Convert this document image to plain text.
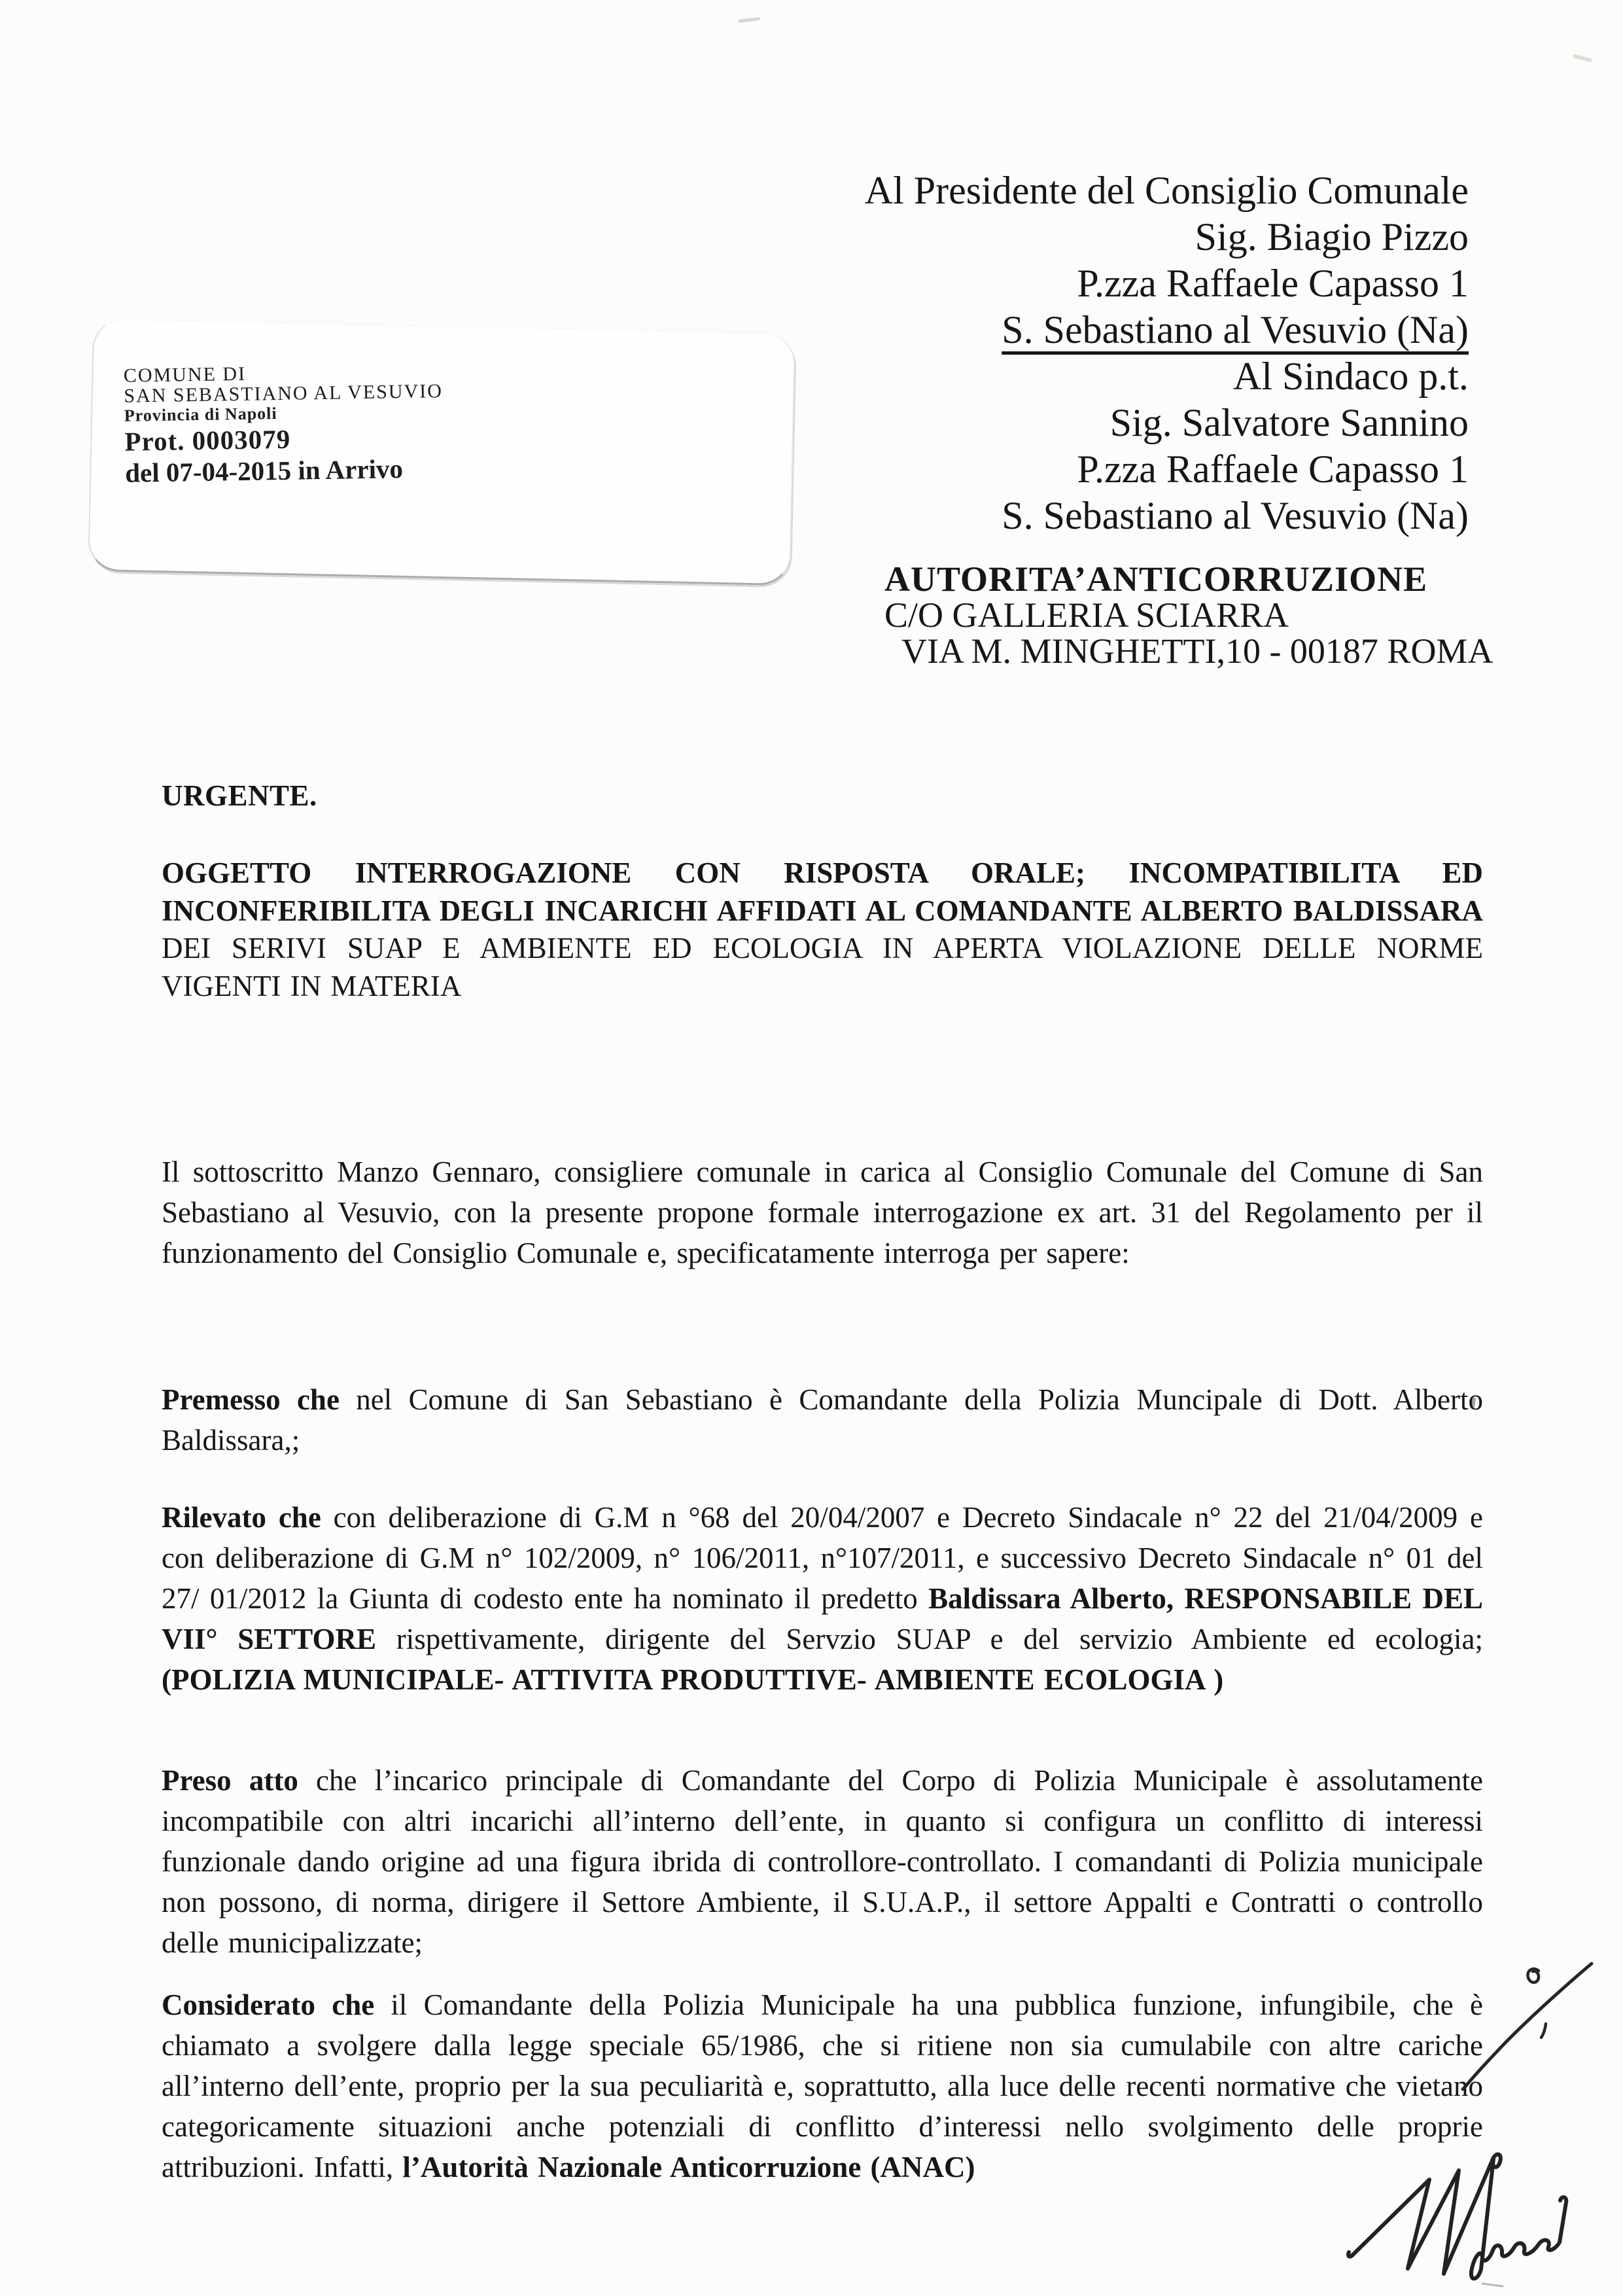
COMUNE DI
SAN SEBASTIANO AL VESUVIO
Provincia di Napoli
Prot. 0003079
del 07-04-2015 in Arrivo
Al Presidente del Consiglio Comunale
Sig. Biagio Pizzo
P.zza Raffaele Capasso 1
S. Sebastiano al Vesuvio (Na)
Al Sindaco p.t.
Sig. Salvatore Sannino
P.zza Raffaele Capasso 1
S. Sebastiano al Vesuvio (Na)
AUTORITA’ANTICORRUZIONE
C/O GALLERIA SCIARRA
VIA M. MINGHETTI,10 - 00187 ROMA
URGENTE.

OGGETTO INTERROGAZIONE CON RISPOSTA ORALE; INCOMPATIBILITA ED INCONFERIBILITA DEGLI INCARICHI AFFIDATI AL COMANDANTE ALBERTO BALDISSARA DEI SERIVI SUAP E AMBIENTE ED ECOLOGIA IN APERTA VIOLAZIONE DELLE NORME VIGENTI IN MATERIA

Il sottoscritto Manzo Gennaro, consigliere comunale in carica al Consiglio Comunale del Comune di San Sebastiano al Vesuvio, con la presente propone formale interrogazione ex art. 31 del Regolamento per il funzionamento del Consiglio Comunale e, specificatamente interroga per sapere:

Premesso che nel Comune di San Sebastiano è Comandante della Polizia Muncipale di Dott. Alberto Baldissara,;

Rilevato che con deliberazione di G.M n °68 del 20/04/2007 e Decreto Sindacale n° 22 del 21/04/2009 e con deliberazione di G.M n° 102/2009, n° 106/2011, n°107/2011, e successivo Decreto Sindacale n° 01 del 27/ 01/2012 la Giunta di codesto ente ha nominato il predetto Baldissara Alberto, RESPONSABILE DEL VII° SETTORE rispettivamente, dirigente del Servzio SUAP e del servizio Ambiente ed ecologia;(POLIZIA MUNICIPALE- ATTIVITA PRODUTTIVE- AMBIENTE ECOLOGIA )

Preso atto che l’incarico principale di Comandante del Corpo di Polizia Municipale è assolutamente incompatibile con altri incarichi all’interno dell’ente, in quanto si configura un conflitto di interessi funzionale dando origine ad una figura ibrida di controllore-controllato. I comandanti di Polizia municipale non possono, di norma, dirigere il Settore Ambiente, il S.U.A.P., il settore Appalti e Contratti o controllo delle municipalizzate;

Considerato che il Comandante della Polizia Municipale ha una pubblica funzione, infungibile, che è chiamato a svolgere dalla legge speciale 65/1986, che si ritiene non sia cumulabile con altre cariche all’interno dell’ente, proprio per la sua peculiarità e, soprattutto, alla luce delle recenti normative che vietano categoricamente situazioni anche potenziali di conflitto d’interessi nello svolgimento delle proprie attribuzioni. Infatti, l’Autorità Nazionale Anticorruzione (ANAC)
